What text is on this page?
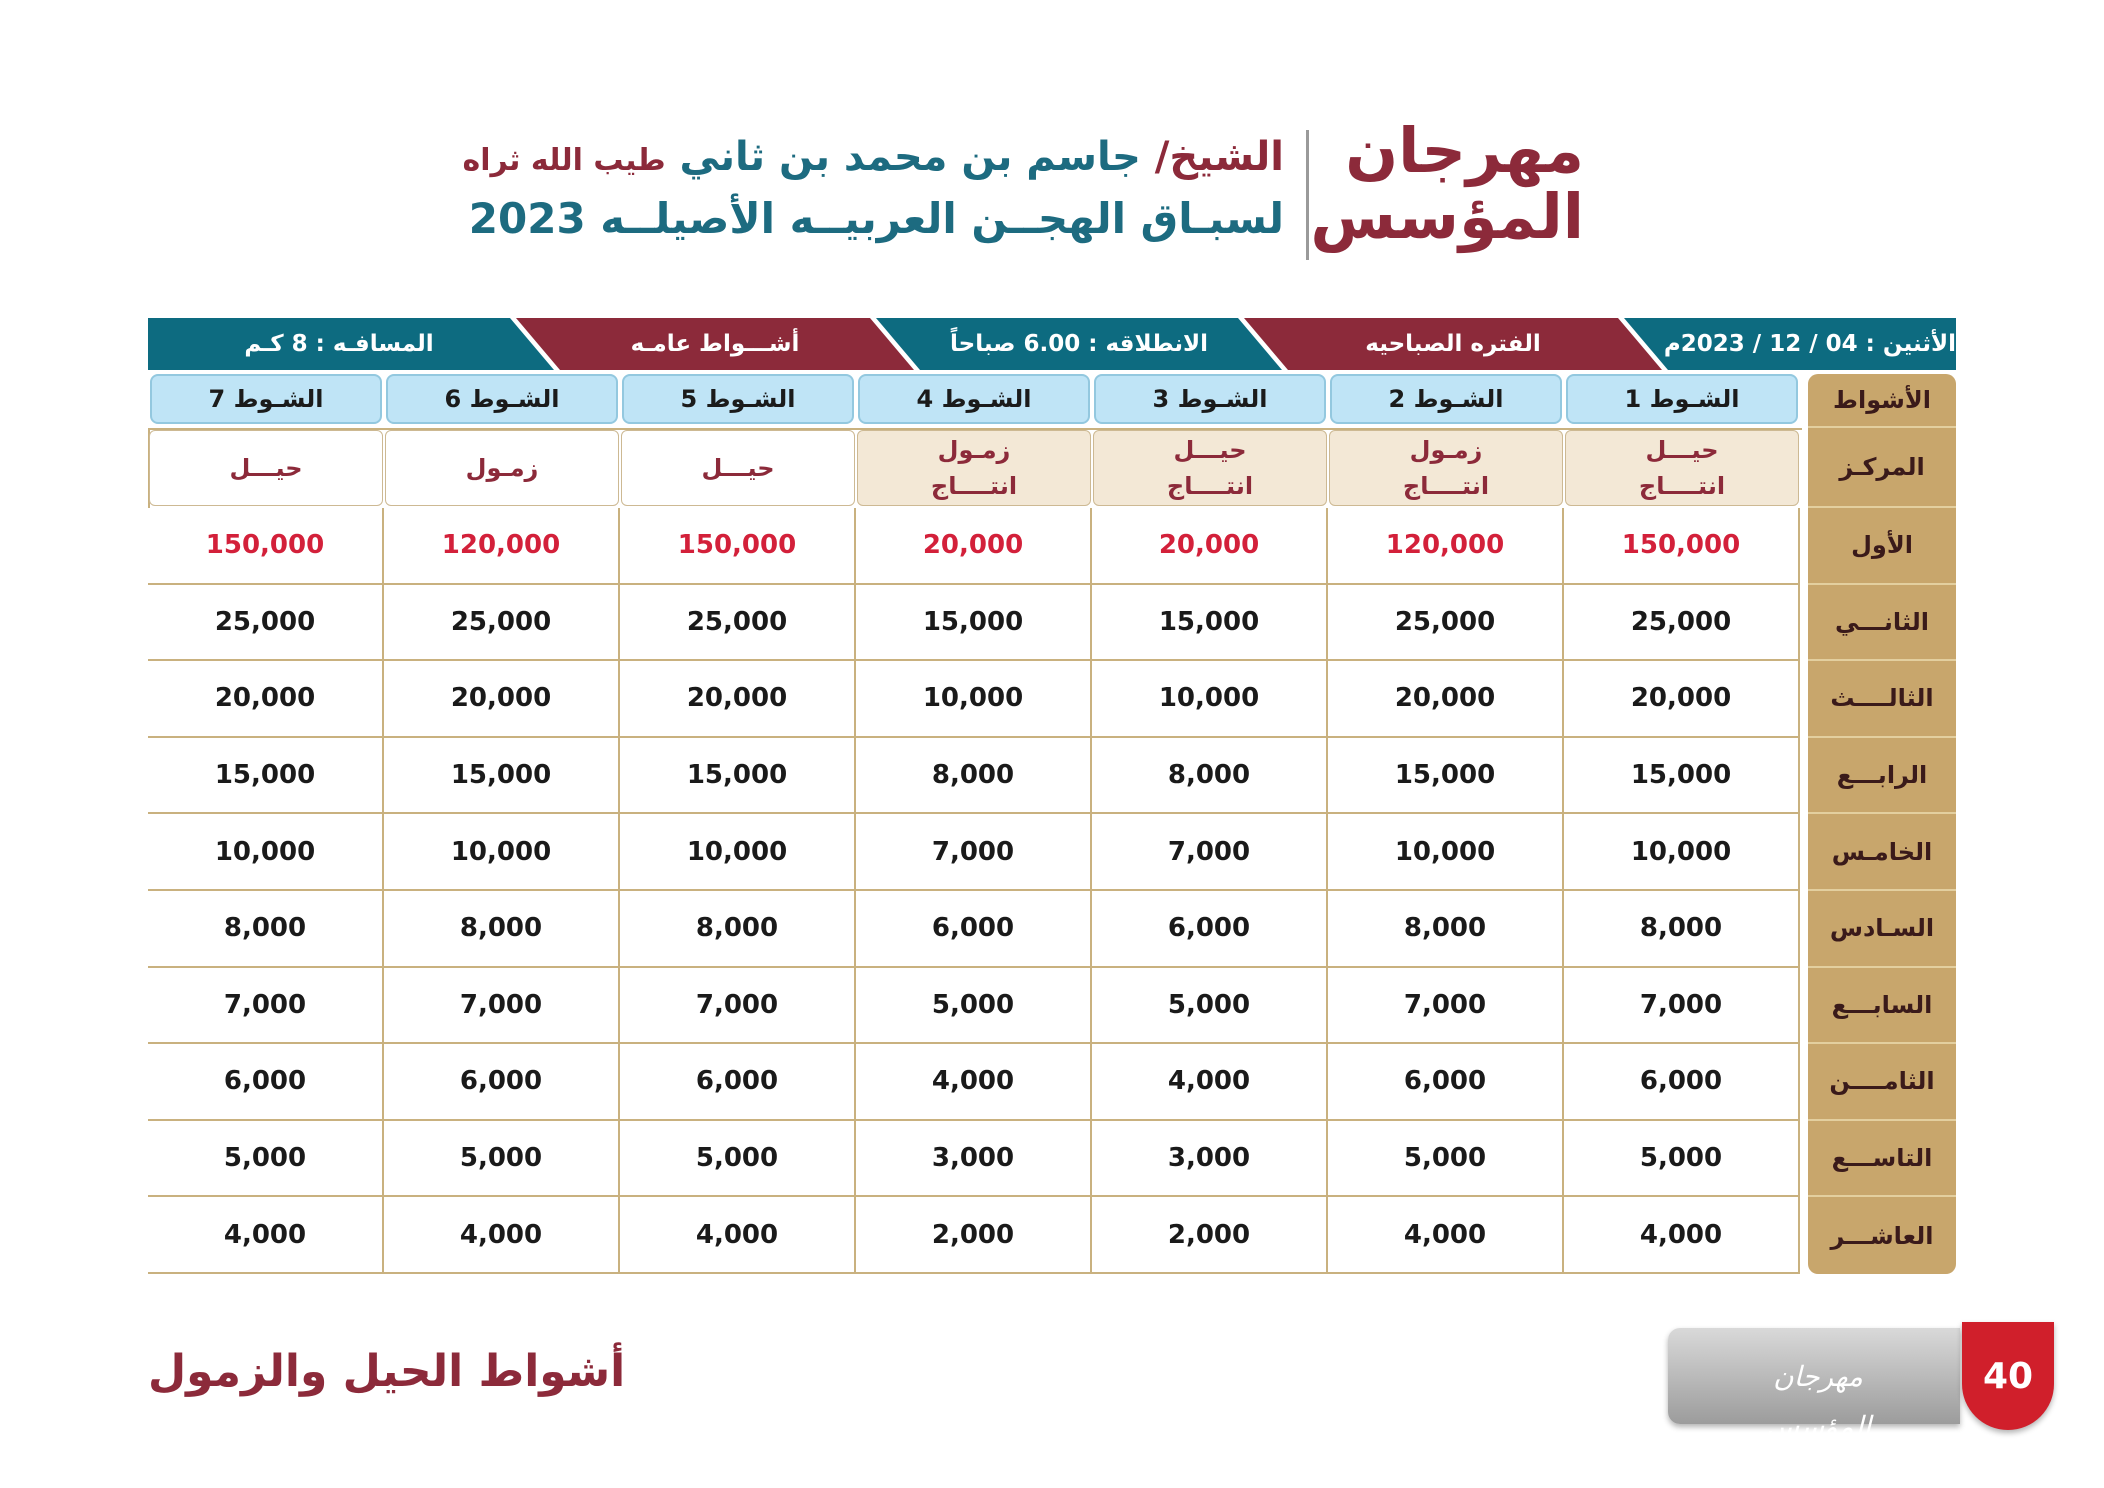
مهرجان
المؤسس
الشيخ/ جاسم بن محمد بن ثاني طيب الله ثراه
لسبـاق الهجــن العربيــه الأصيلــه 2023
الأثنين : 04 / 12 / 2023م
الفتره الصباحيه
الانطلاقه : 6.00 صباحاً
أشـــواط عامـه
المسافـه : 8 كـم
الأشواط
المركـز
الشـوط 1
حيـــل
انتــــاج
الشـوط 2
زمـول
انتــــاج
الشـوط 3
حيـــل
انتــــاج
الشـوط 4
زمـول
انتــــاج
الشـوط 5
حيـــل
الشـوط 6
زمـول
الشـوط 7
حيـــل
الأول
150,000
120,000
20,000
20,000
150,000
120,000
150,000
الثانـــي
25,000
25,000
15,000
15,000
25,000
25,000
25,000
الثالــــث
20,000
20,000
10,000
10,000
20,000
20,000
20,000
الرابـــع
15,000
15,000
8,000
8,000
15,000
15,000
15,000
الخامـس
10,000
10,000
7,000
7,000
10,000
10,000
10,000
السـادس
8,000
8,000
6,000
6,000
8,000
8,000
8,000
السابـــع
7,000
7,000
5,000
5,000
7,000
7,000
7,000
الثامــــن
6,000
6,000
4,000
4,000
6,000
6,000
6,000
التاســـع
5,000
5,000
3,000
3,000
5,000
5,000
5,000
العاشـــر
4,000
4,000
2,000
2,000
4,000
4,000
4,000
أشواط الحيل والزمول	مهرجان المؤسس
40
